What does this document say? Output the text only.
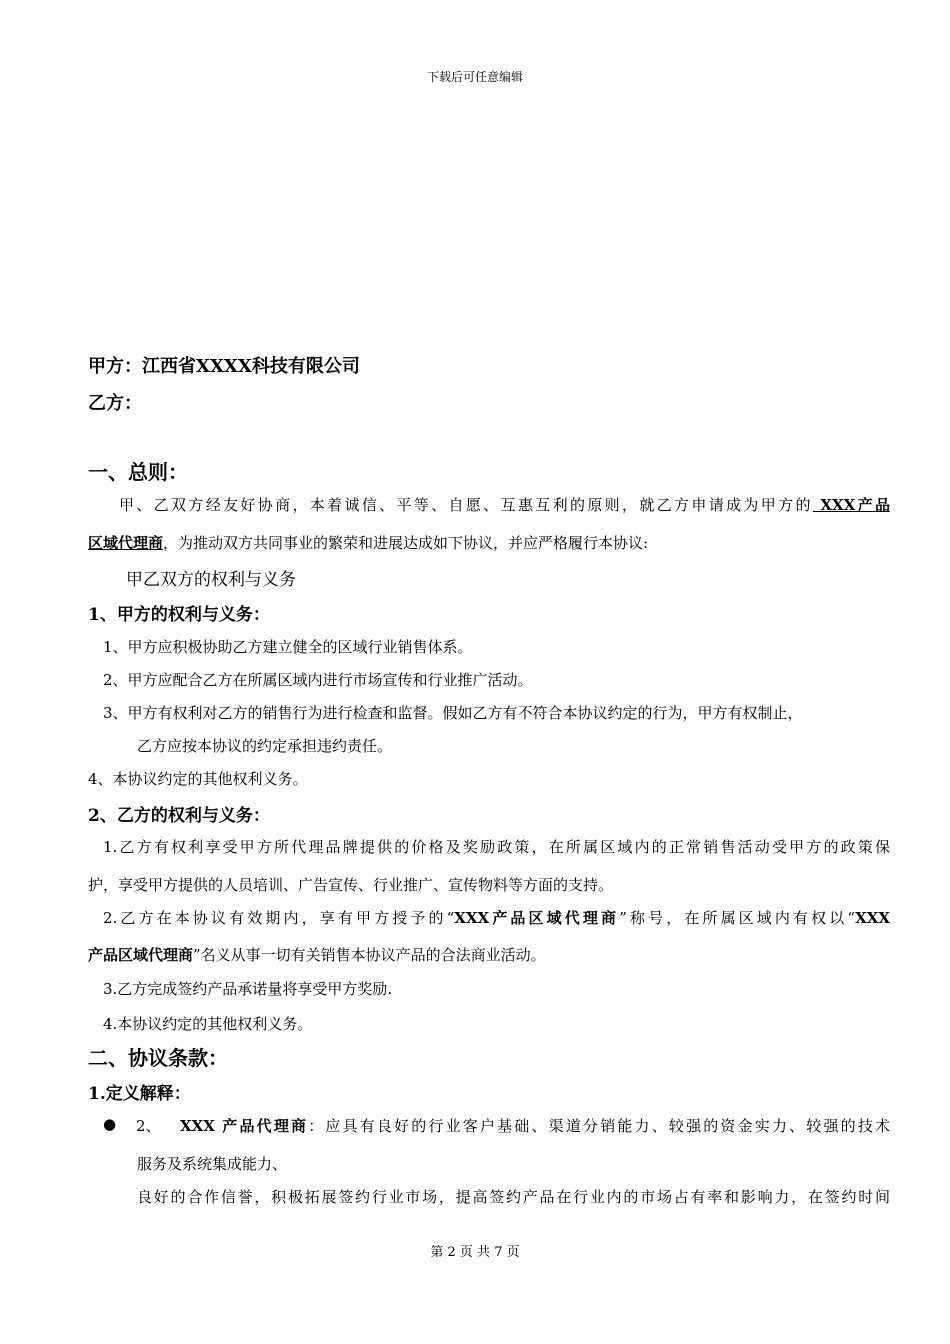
下载后可任意编辑
甲方：江西省XXXX科技有限公司
乙方：
一、总则：
甲、乙双方经友好协商，本着诚信、平等、自愿、互惠互利的原则，就乙方申请成为甲方的 XXX产品
区域代理商，为推动双方共同事业的繁荣和进展达成如下协议，并应严格履行本协议:
甲乙双方的权利与义务
1、甲方的权利与义务：
1、甲方应积极协助乙方建立健全的区域行业销售体系。
2、甲方应配合乙方在所属区域内进行市场宣传和行业推广活动。
3、甲方有权利对乙方的销售行为进行检查和监督。假如乙方有不符合本协议约定的行为，甲方有权制止，
乙方应按本协议的约定承担违约责任。
4、本协议约定的其他权利义务。
2、乙方的权利与义务：
1.乙方有权利享受甲方所代理品牌提供的价格及奖励政策，在所属区域内的正常销售活动受甲方的政策保
护，享受甲方提供的人员培训、广告宣传、行业推广、宣传物料等方面的支持。
2.乙方在本协议有效期内，享有甲方授予的“XXX产品区域代理商”称号，在所属区域内有权以“XXX
产品区域代理商”名义从事一切有关销售本协议产品的合法商业活动。
3.乙方完成签约产品承诺量将享受甲方奖励.
4.本协议约定的其他权利义务。
二、协议条款：
1.定义解释：
● 2、 XXX 产品代理商：应具有良好的行业客户基础、渠道分销能力、较强的资金实力、较强的技术
服务及系统集成能力、
良好的合作信誉，积极拓展签约行业市场，提高签约产品在行业内的市场占有率和影响力，在签约时间
第 2 页 共 7 页
